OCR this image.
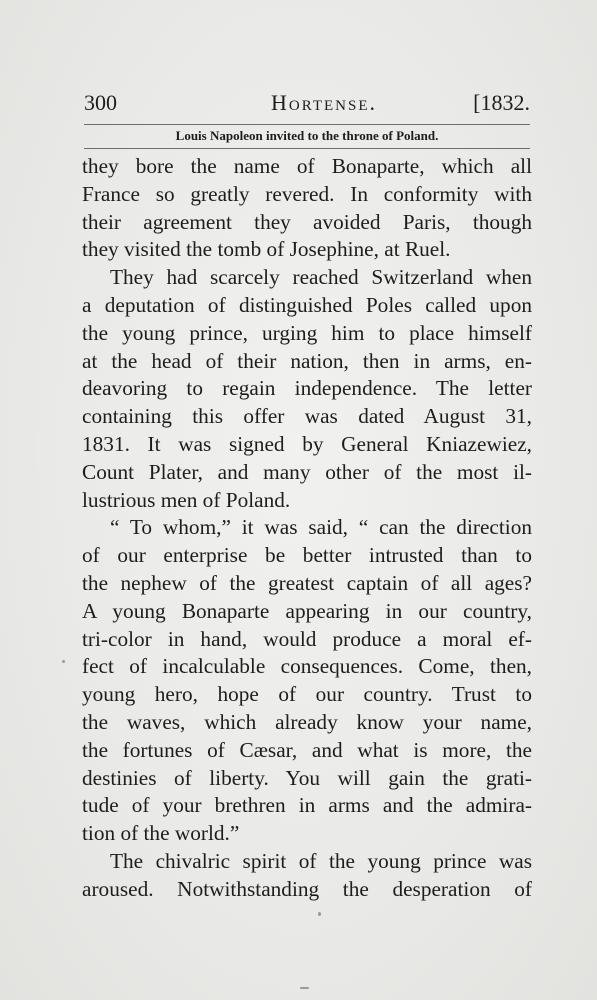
300	Hortense.	[1832.
Louis Napoleon invited to the throne of Poland.
they bore the name of Bonaparte, which all
France so greatly revered. In conformity with
their agreement they avoided Paris, though
they visited the tomb of Josephine, at Ruel.
They had scarcely reached Switzerland when
a deputation of distinguished Poles called upon
the young prince, urging him to place himself
at the head of their nation, then in arms, en-
deavoring to regain independence. The letter
containing this offer was dated August 31,
1831. It was signed by General Kniazewiez,
Count Plater, and many other of the most il-
lustrious men of Poland.
“ To whom,” it was said, “ can the direction
of our enterprise be better intrusted than to
the nephew of the greatest captain of all ages?
A young Bonaparte appearing in our country,
tri-color in hand, would produce a moral ef-
fect of incalculable consequences. Come, then,
young hero, hope of our country. Trust to
the waves, which already know your name,
the fortunes of Cæsar, and what is more, the
destinies of liberty. You will gain the grati-
tude of your brethren in arms and the admira-
tion of the world.”
The chivalric spirit of the young prince was
aroused. Notwithstanding the desperation of
